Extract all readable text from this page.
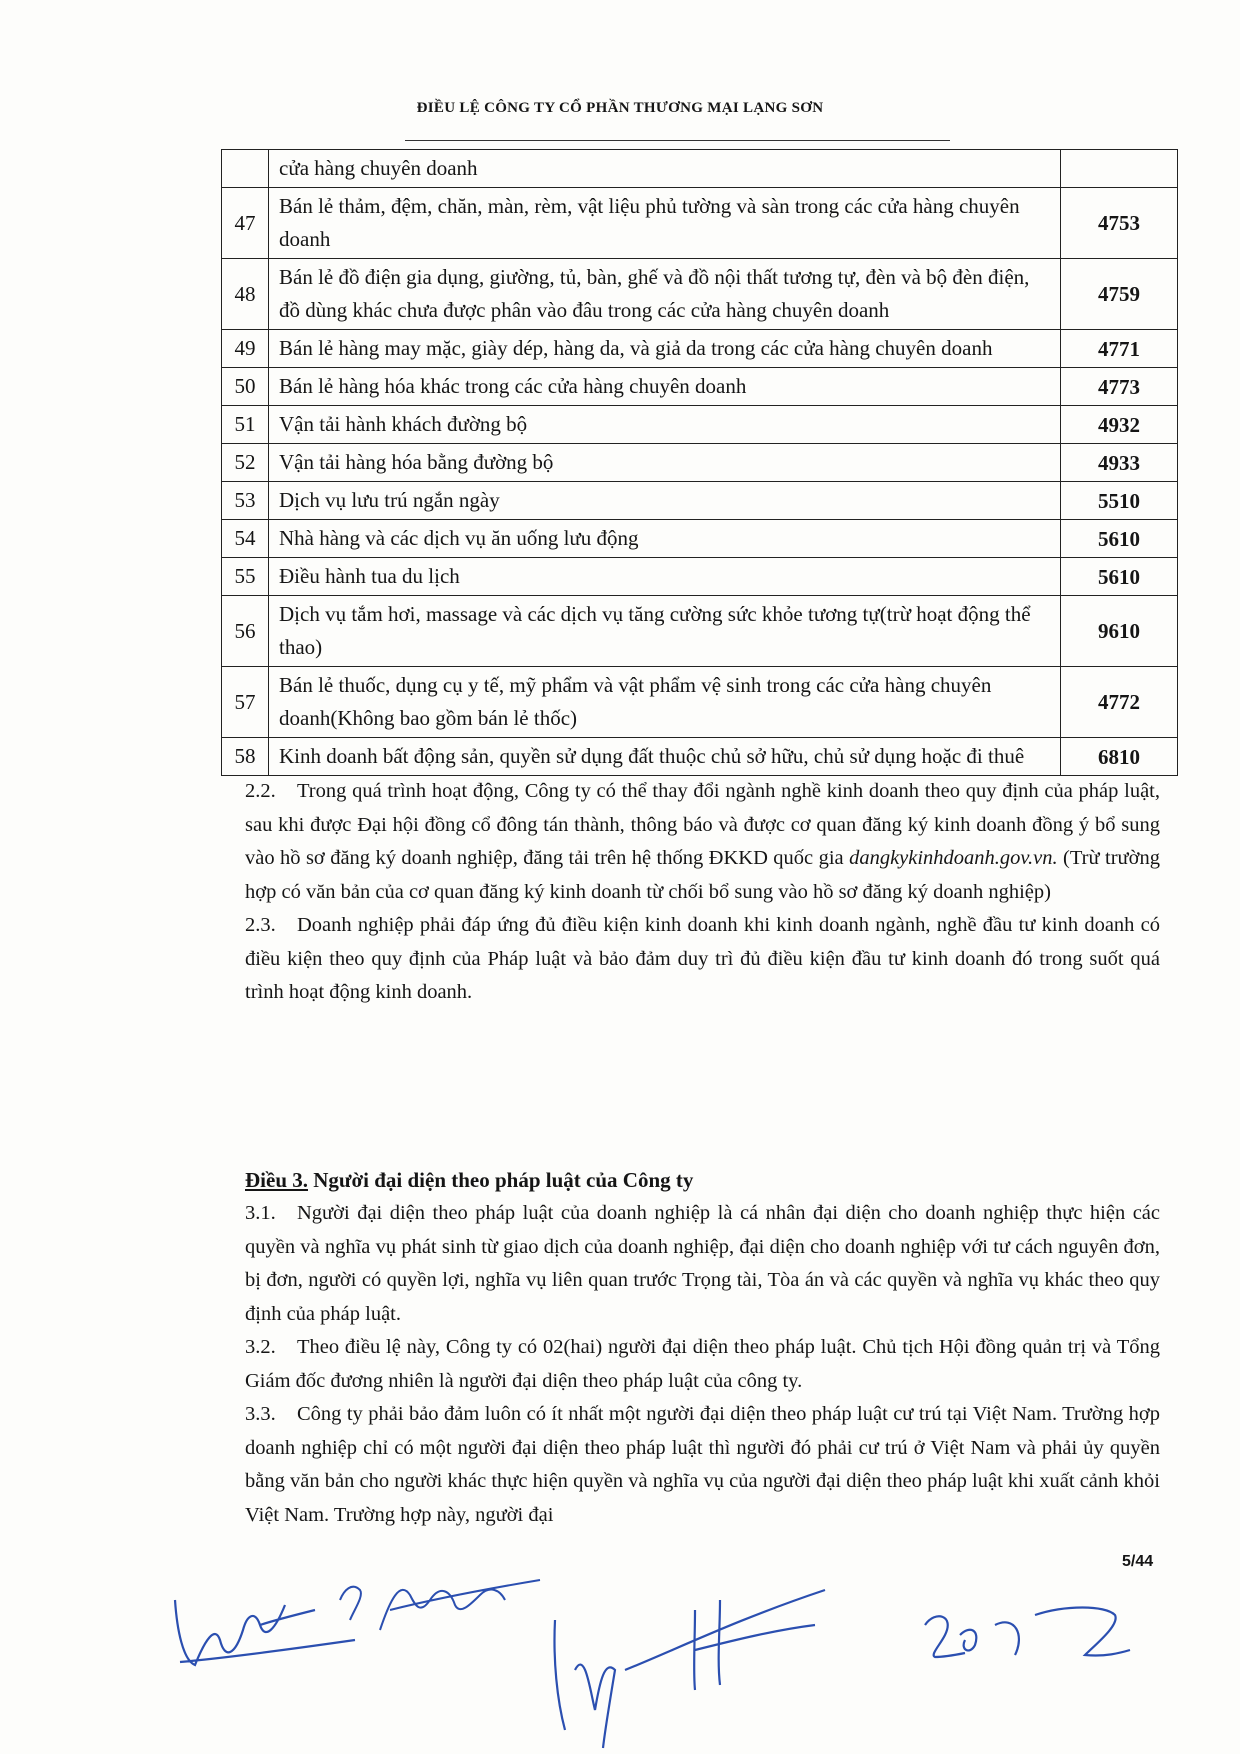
ĐIỀU LỆ CÔNG TY CỔ PHẦN THƯƠNG MẠI LẠNG SƠN
	cửa hàng chuyên doanh	
47	Bán lẻ thảm, đệm, chăn, màn, rèm, vật liệu phủ tường và sàn trong các cửa hàng chuyên doanh	4753
48	Bán lẻ đồ điện gia dụng, giường, tủ, bàn, ghế và đồ nội thất tương tự, đèn và bộ đèn điện, đồ dùng khác chưa được phân vào đâu trong các cửa hàng chuyên doanh	4759
49	Bán lẻ hàng may mặc, giày dép, hàng da, và giả da trong các cửa hàng chuyên doanh	4771
50	Bán lẻ hàng hóa khác trong các cửa hàng chuyên doanh	4773
51	Vận tải hành khách đường bộ	4932
52	Vận tải hàng hóa bằng đường bộ	4933
53	Dịch vụ lưu trú ngắn ngày	5510
54	Nhà hàng và các dịch vụ ăn uống lưu động	5610
55	Điều hành tua du lịch	5610
56	Dịch vụ tắm hơi, massage và các dịch vụ tăng cường sức khỏe tương tự(trừ hoạt động thể thao)	9610
57	Bán lẻ thuốc, dụng cụ y tế, mỹ phẩm và vật phẩm vệ sinh trong các cửa hàng chuyên doanh(Không bao gồm bán lẻ thốc)	4772
58	Kinh doanh bất động sản, quyền sử dụng đất thuộc chủ sở hữu, chủ sử dụng hoặc đi thuê	6810

2.2. Trong quá trình hoạt động, Công ty có thể thay đổi ngành nghề kinh doanh theo quy định của pháp luật, sau khi được Đại hội đồng cổ đông tán thành, thông báo và được cơ quan đăng ký kinh doanh đồng ý bổ sung vào hồ sơ đăng ký doanh nghiệp, đăng tải trên hệ thống ĐKKD quốc gia dangkykinhdoanh.gov.vn. (Trừ trường hợp có văn bản của cơ quan đăng ký kinh doanh từ chối bổ sung vào hồ sơ đăng ký doanh nghiệp)

2.3. Doanh nghiệp phải đáp ứng đủ điều kiện kinh doanh khi kinh doanh ngành, nghề đầu tư kinh doanh có điều kiện theo quy định của Pháp luật và bảo đảm duy trì đủ điều kiện đầu tư kinh doanh đó trong suốt quá trình hoạt động kinh doanh.

Điều 3. Người đại diện theo pháp luật của Công ty

3.1. Người đại diện theo pháp luật của doanh nghiệp là cá nhân đại diện cho doanh nghiệp thực hiện các quyền và nghĩa vụ phát sinh từ giao dịch của doanh nghiệp, đại diện cho doanh nghiệp với tư cách nguyên đơn, bị đơn, người có quyền lợi, nghĩa vụ liên quan trước Trọng tài, Tòa án và các quyền và nghĩa vụ khác theo quy định của pháp luật.

3.2. Theo điều lệ này, Công ty có 02(hai) người đại diện theo pháp luật. Chủ tịch Hội đồng quản trị và Tổng Giám đốc đương nhiên là người đại diện theo pháp luật của công ty.

3.3. Công ty phải bảo đảm luôn có ít nhất một người đại diện theo pháp luật cư trú tại Việt Nam. Trường hợp doanh nghiệp chỉ có một người đại diện theo pháp luật thì người đó phải cư trú ở Việt Nam và phải ủy quyền bằng văn bản cho người khác thực hiện quyền và nghĩa vụ của người đại diện theo pháp luật khi xuất cảnh khỏi Việt Nam. Trường hợp này, người đại

5/44
